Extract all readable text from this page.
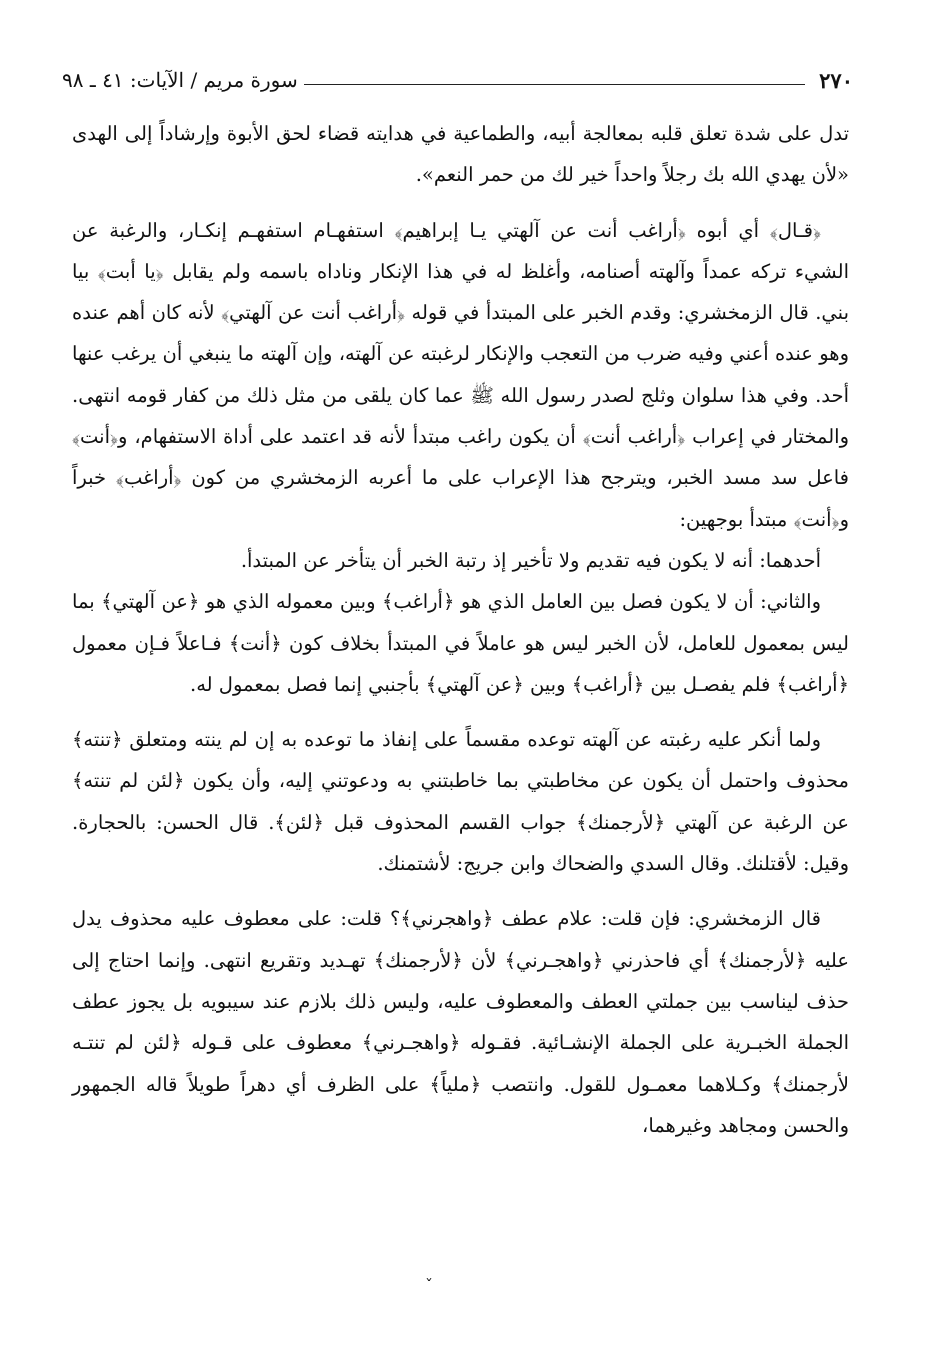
٢٧٠
سورة مريم / الآيات: ٤١ ـ ٩٨

تدل على شدة تعلق قلبه بمعالجة أبيه، والطماعية في هدايته قضاء لحق الأبوة وإرشاداً إلى الهدى «لأن يهدي الله بك رجلاً واحداً خير لك من حمر النعم».

﴿قـال﴾ أي أبوه ﴿أراغب أنت عن آلهتي يـا إبراهيم﴾ استفهـام استفهـم إنكـار، والرغبة عن الشيء تركه عمداً وآلهته أصنامه، وأغلظ له في هذا الإنكار وناداه باسمه ولم يقابل ﴿يا أبت﴾ بيا بني. قال الزمخشري: وقدم الخبر على المبتدأ في قوله ﴿أراغب أنت عن آلهتي﴾ لأنه كان أهم عنده وهو عنده أعني وفيه ضرب من التعجب والإنكار لرغبته عن آلهته، وإن آلهته ما ينبغي أن يرغب عنها أحد. وفي هذا سلوان وثلج لصدر رسول الله ﷺ عما كان يلقى من مثل ذلك من كفار قومه انتهى. والمختار في إعراب ﴿أراغب أنت﴾ أن يكون راغب مبتدأ لأنه قد اعتمد على أداة الاستفهام، و﴿أنت﴾ فاعل سد مسد الخبر، ويترجح هذا الإعراب على ما أعربه الزمخشري من كون ﴿أراغب﴾ خبراً و﴿أنت﴾ مبتدأ بوجهين:

أحدهما: أنه لا يكون فيه تقديم ولا تأخير إذ رتبة الخبر أن يتأخر عن المبتدأ.

والثاني: أن لا يكون فصل بين العامل الذي هو ﴿أراغب﴾ وبين معموله الذي هو ﴿عن آلهتي﴾ بما ليس بمعمول للعامل، لأن الخبر ليس هو عاملاً في المبتدأ بخلاف كون ﴿أنت﴾ فـاعلاً فـإن معمول ﴿أراغب﴾ فلم يفصـل بين ﴿أراغب﴾ وبين ﴿عن آلهتي﴾ بأجنبي إنما فصل بمعمول له.

ولما أنكر عليه رغبته عن آلهته توعده مقسماً على إنفاذ ما توعده به إن لم ينته ومتعلق ﴿تنته﴾ محذوف واحتمل أن يكون عن مخاطبتي بما خاطبتني به ودعوتني إليه، وأن يكون ﴿لئن لم تنته﴾ عن الرغبة عن آلهتي ﴿لأرجمنك﴾ جواب القسم المحذوف قبل ﴿لئن﴾. قال الحسن: بالحجارة. وقيل: لأقتلنك. وقال السدي والضحاك وابن جريج: لأشتمنك.

قال الزمخشري: فإن قلت: علام عطف ﴿واهجرني﴾؟ قلت: على معطوف عليه محذوف يدل عليه ﴿لأرجمنك﴾ أي فاحذرني ﴿واهجـرني﴾ لأن ﴿لأرجمنك﴾ تهـديد وتقريع انتهى. وإنما احتاج إلى حذف ليناسب بين جملتي العطف والمعطوف عليه، وليس ذلك بلازم عند سيبويه بل يجوز عطف الجملة الخبـرية على الجملة الإنشـائية. فقـوله ﴿واهجـرني﴾ معطوف على قـوله ﴿لئن لم تنتـه لأرجمنك﴾ وكـلاهما معمـول للقول. وانتصب ﴿ملياً﴾ على الظرف أي دهراً طويلاً قاله الجمهور والحسن ومجاهد وغيرهما،

˯
